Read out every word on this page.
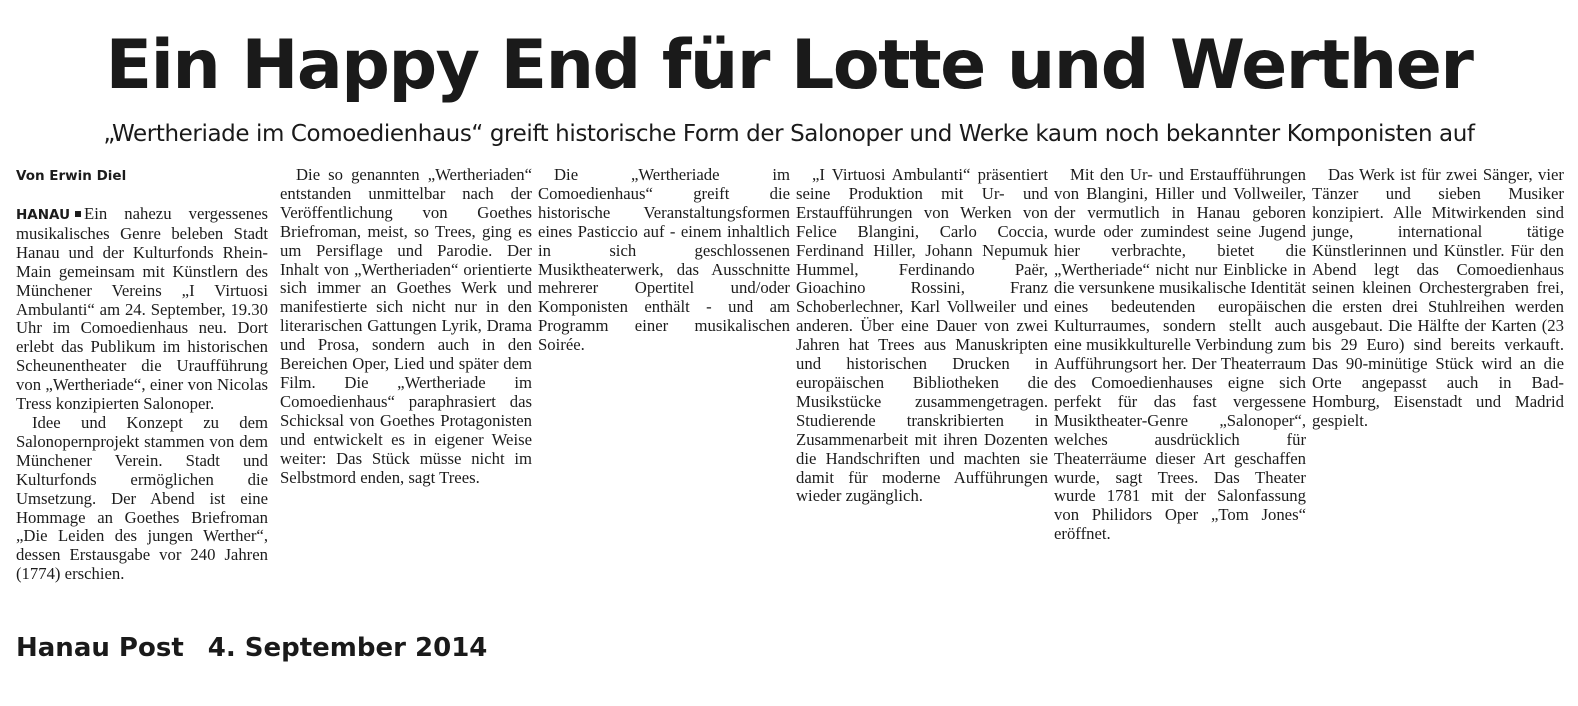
Ein Happy End für Lotte und Werther
„Wertheriade im Comoedienhaus“ greift historische Form der Salonoper und Werke kaum noch bekannter Komponisten auf
Von Erwin Diel

HANAU Ein nahezu vergessenes musikalisches Genre beleben Stadt Hanau und der Kulturfonds Rhein-Main gemeinsam mit Künstlern des Münchener Vereins „I Virtuosi Ambulanti“ am 24. September, 19.30 Uhr im Comoedienhaus neu. Dort erlebt das Publikum im historischen Scheunentheater die Uraufführung von „Wertheriade“, einer von Nicolas Tress konzipierten Salonoper.

Idee und Konzept zu dem Salonopernprojekt stammen von dem Münchener Verein. Stadt und Kulturfonds ermöglichen die Umsetzung. Der Abend ist eine Hommage an Goethes Briefroman „Die Leiden des jungen Werther“, dessen Erstausgabe vor 240 Jahren (1774) erschien.

Die so genannten „Wertheriaden“ entstanden unmittelbar nach der Veröffentlichung von Goethes Briefroman, meist, so Trees, ging es um Persiflage und Parodie. Der Inhalt von „Wertheriaden“ orientierte sich immer an Goethes Werk und manifestierte sich nicht nur in den literarischen Gattungen Lyrik, Drama und Prosa, sondern auch in den Bereichen Oper, Lied und später dem Film. Die „Wertheriade im Comoedienhaus“ paraphrasiert das Schicksal von Goethes Protagonisten und entwickelt es in eigener Weise weiter: Das Stück müsse nicht im Selbstmord enden, sagt Trees.

Die „Wertheriade im Comoedienhaus“ greift die historische Veranstaltungsformen eines Pasticcio auf - einem inhaltlich in sich geschlossenen Musiktheaterwerk, das Ausschnitte mehrerer Opertitel und/oder Komponisten enthält - und am Programm einer musikalischen Soirée.

„I Virtuosi Ambulanti“ präsentiert seine Produktion mit Ur- und Erstaufführungen von Werken von Felice Blangini, Carlo Coccia, Ferdinand Hiller, Johann Nepumuk Hummel, Ferdinando Paër, Gioachino Rossini, Franz Schoberlechner, Karl Vollweiler und anderen. Über eine Dauer von zwei Jahren hat Trees aus Manuskripten und historischen Drucken in europäischen Bibliotheken die Musikstücke zusammengetragen. Studierende transkribierten in Zusammenarbeit mit ihren Dozenten die Handschriften und machten sie damit für moderne Aufführungen wieder zugänglich.

Mit den Ur- und Erstaufführungen von Blangini, Hiller und Vollweiler, der vermutlich in Hanau geboren wurde oder zumindest seine Jugend hier verbrachte, bietet die „Wertheriade“ nicht nur Einblicke in die versunkene musikalische Identität eines bedeutenden europäischen Kulturraumes, sondern stellt auch eine musikkulturelle Verbindung zum Aufführungsort her. Der Theaterraum des Comoedienhauses eigne sich perfekt für das fast vergessene Musiktheater-Genre „Salonoper“, welches ausdrücklich für Theaterräume dieser Art geschaffen wurde, sagt Trees. Das Theater wurde 1781 mit der Salonfassung von Philidors Oper „Tom Jones“ eröffnet.

Das Werk ist für zwei Sänger, vier Tänzer und sieben Musiker konzipiert. Alle Mitwirkenden sind junge, international tätige Künstlerinnen und Künstler. Für den Abend legt das Comoedienhaus seinen kleinen Orchestergraben frei, die ersten drei Stuhlreihen werden ausgebaut. Die Hälfte der Karten (23 bis 29 Euro) sind bereits verkauft. Das 90-minütige Stück wird an die Orte angepasst auch in Bad-Homburg, Eisenstadt und Madrid gespielt.

Hanau Post 4. September 2014
